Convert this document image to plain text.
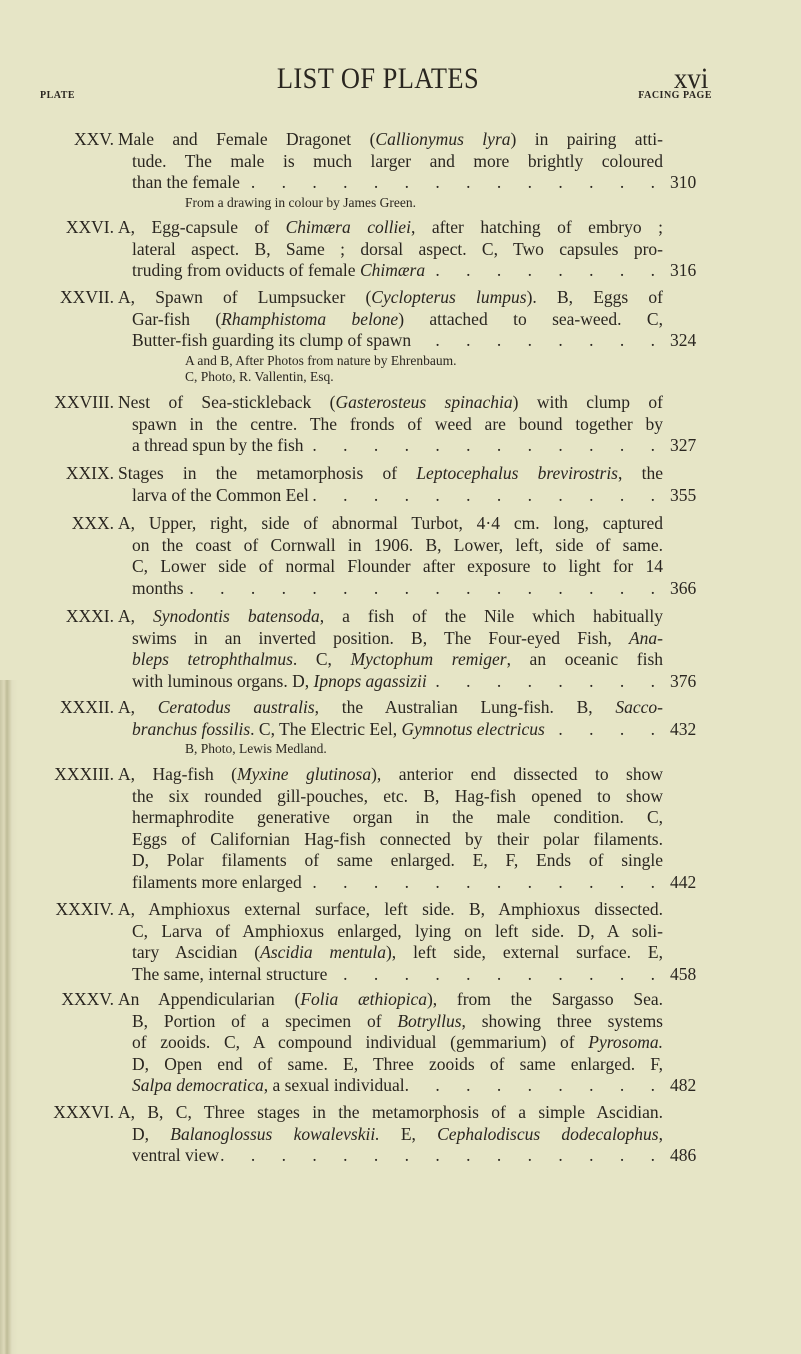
LIST OF PLATES	xvi
PLATE	FACING PAGE
XXV. Male and Female Dragonet (Callionymus lyra) in pairing atti-
tude. The male is much larger and more brightly coloured
than the female . . .	310
From a drawing in colour by James Green.
XXVI. A, Egg-capsule of Chimæra colliei, after hatching of embryo ;
lateral aspect. B, Same ; dorsal aspect. C, Two capsules pro-
truding from oviducts of female Chimæra . . .	316
XXVII. A, Spawn of Lumpsucker (Cyclopterus lumpus). B, Eggs of
Gar-fish (Rhamphistoma belone) attached to sea-weed. C,
Butter-fish guarding its clump of spawn . . .	324
A and B, After Photos from nature by Ehrenbaum.
C, Photo, R. Vallentin, Esq.
XXVIII. Nest of Sea-stickleback (Gasterosteus spinachia) with clump of
spawn in the centre. The fronds of weed are bound together by
a thread spun by the fish . . .	327
XXIX. Stages in the metamorphosis of Leptocephalus brevirostris, the
larva of the Common Eel . . .	355
XXX. A, Upper, right, side of abnormal Turbot, 4·4 cm. long, captured
on the coast of Cornwall in 1906. B, Lower, left, side of same.
C, Lower side of normal Flounder after exposure to light for 14
months . . .	366
XXXI. A, Synodontis batensoda, a fish of the Nile which habitually
swims in an inverted position. B, The Four-eyed Fish, Ana-
bleps tetrophthalmus. C, Myctophum remiger, an oceanic fish
with luminous organs. D, Ipnops agassizii . . .	376
XXXII. A, Ceratodus australis, the Australian Lung-fish. B, Sacco-
branchus fossilis. C, The Electric Eel, Gymnotus electricus . . .	432
B, Photo, Lewis Medland.
XXXIII. A, Hag-fish (Myxine glutinosa), anterior end dissected to show
the six rounded gill-pouches, etc. B, Hag-fish opened to show
hermaphrodite generative organ in the male condition. C,
Eggs of Californian Hag-fish connected by their polar filaments.
D, Polar filaments of same enlarged. E, F, Ends of single
filaments more enlarged . . .	442
XXXIV. A, Amphioxus external surface, left side. B, Amphioxus dissected.
C, Larva of Amphioxus enlarged, lying on left side. D, A soli-
tary Ascidian (Ascidia mentula), left side, external surface. E,
The same, internal structure . . .	458
XXXV. An Appendicularian (Folia æthiopica), from the Sargasso Sea.
B, Portion of a specimen of Botryllus, showing three systems
of zooids. C, A compound individual (gemmarium) of Pyrosoma.
D, Open end of same. E, Three zooids of same enlarged. F,
Salpa democratica, a sexual individual . . .	482
XXXVI. A, B, C, Three stages in the metamorphosis of a simple Ascidian.
D, Balanoglossus kowalevskii. E, Cephalodiscus dodecalophus,
ventral view . . .	486
